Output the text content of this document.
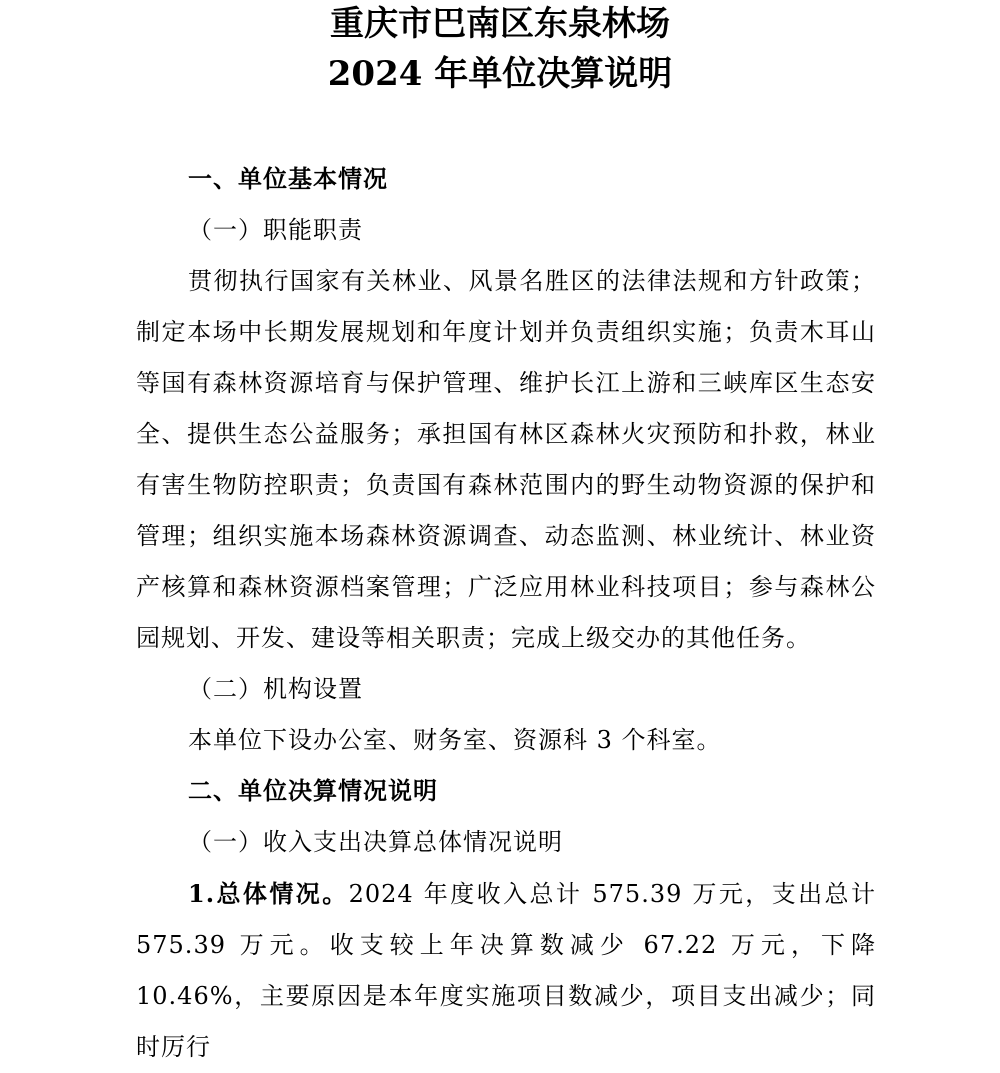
重庆市巴南区东泉林场
2024 年单位决算说明

一、单位基本情况

（一）职能职责

贯彻执行国家有关林业、风景名胜区的法律法规和方针政策；制定本场中长期发展规划和年度计划并负责组织实施；负责木耳山等国有森林资源培育与保护管理、维护长江上游和三峡库区生态安全、提供生态公益服务；承担国有林区森林火灾预防和扑救，林业有害生物防控职责；负责国有森林范围内的野生动物资源的保护和管理；组织实施本场森林资源调查、动态监测、林业统计、林业资产核算和森林资源档案管理；广泛应用林业科技项目；参与森林公园规划、开发、建设等相关职责；完成上级交办的其他任务。

（二）机构设置

本单位下设办公室、财务室、资源科 3 个科室。

二、单位决算情况说明

（一）收入支出决算总体情况说明

1.总体情况。2024 年度收入总计 575.39 万元，支出总计 575.39 万元。收支较上年决算数减少 67.22 万元，下降 10.46%，主要原因是本年度实施项目数减少，项目支出减少；同时厉行
